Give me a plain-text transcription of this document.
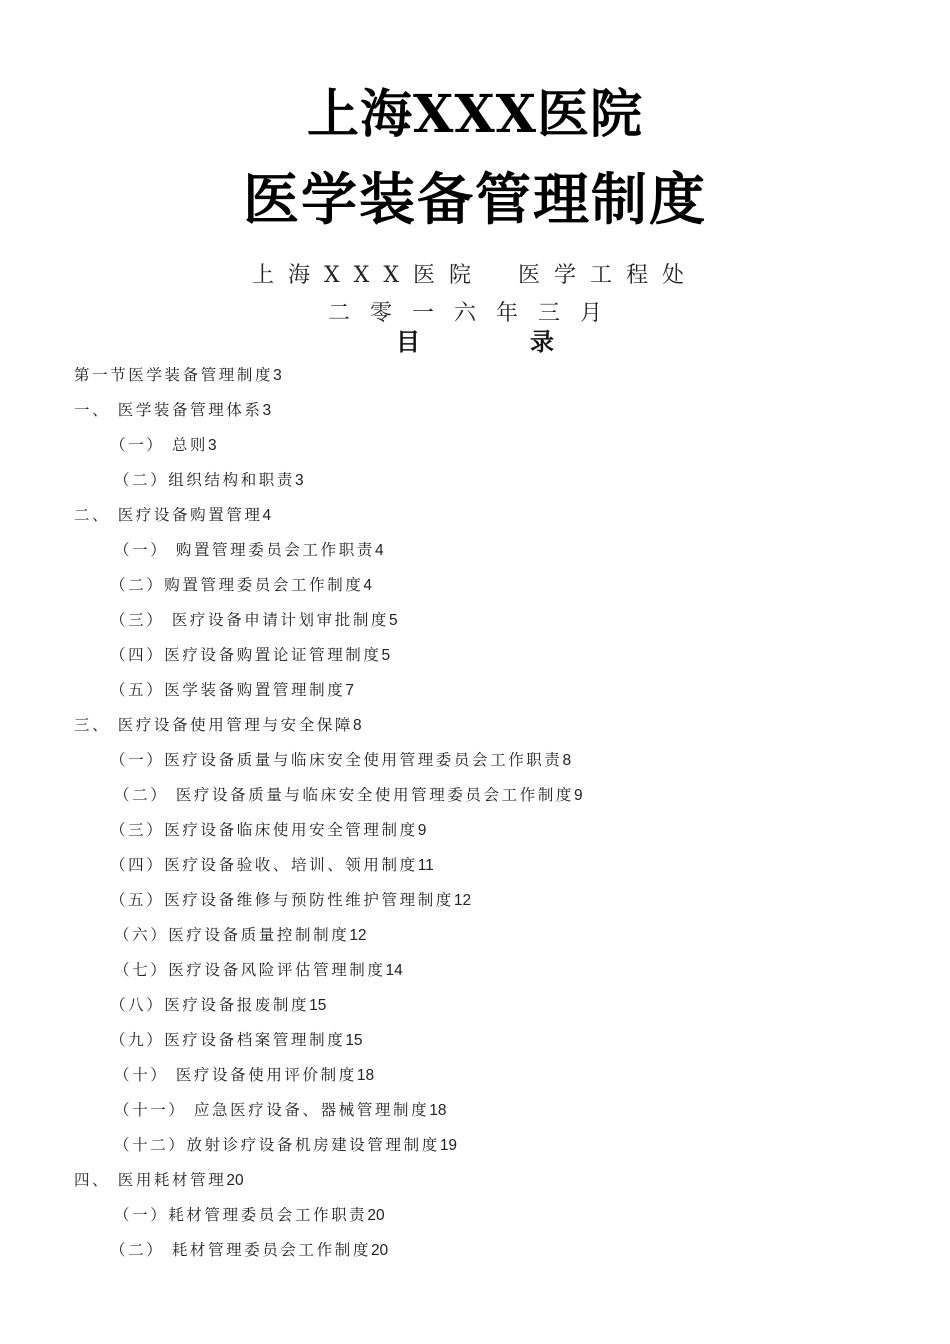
上海XXX医院
医学装备管理制度
上海XXX医院 医学工程处
二零一六年三月
目	录
第一节医学装备管理制度3
一、 医学装备管理体系3
（一） 总则3
（二）组织结构和职责3
二、 医疗设备购置管理4
（一） 购置管理委员会工作职责4
（二）购置管理委员会工作制度4
（三） 医疗设备申请计划审批制度5
（四）医疗设备购置论证管理制度5
（五）医学装备购置管理制度7
三、 医疗设备使用管理与安全保障8
（一）医疗设备质量与临床安全使用管理委员会工作职责8
（二） 医疗设备质量与临床安全使用管理委员会工作制度9
（三）医疗设备临床使用安全管理制度9
（四）医疗设备验收、培训、领用制度11
（五）医疗设备维修与预防性维护管理制度12
（六）医疗设备质量控制制度12
（七）医疗设备风险评估管理制度14
（八）医疗设备报废制度15
（九）医疗设备档案管理制度15
（十） 医疗设备使用评价制度18
（十一） 应急医疗设备、器械管理制度18
（十二）放射诊疗设备机房建设管理制度19
四、 医用耗材管理20
（一）耗材管理委员会工作职责20
（二） 耗材管理委员会工作制度20
